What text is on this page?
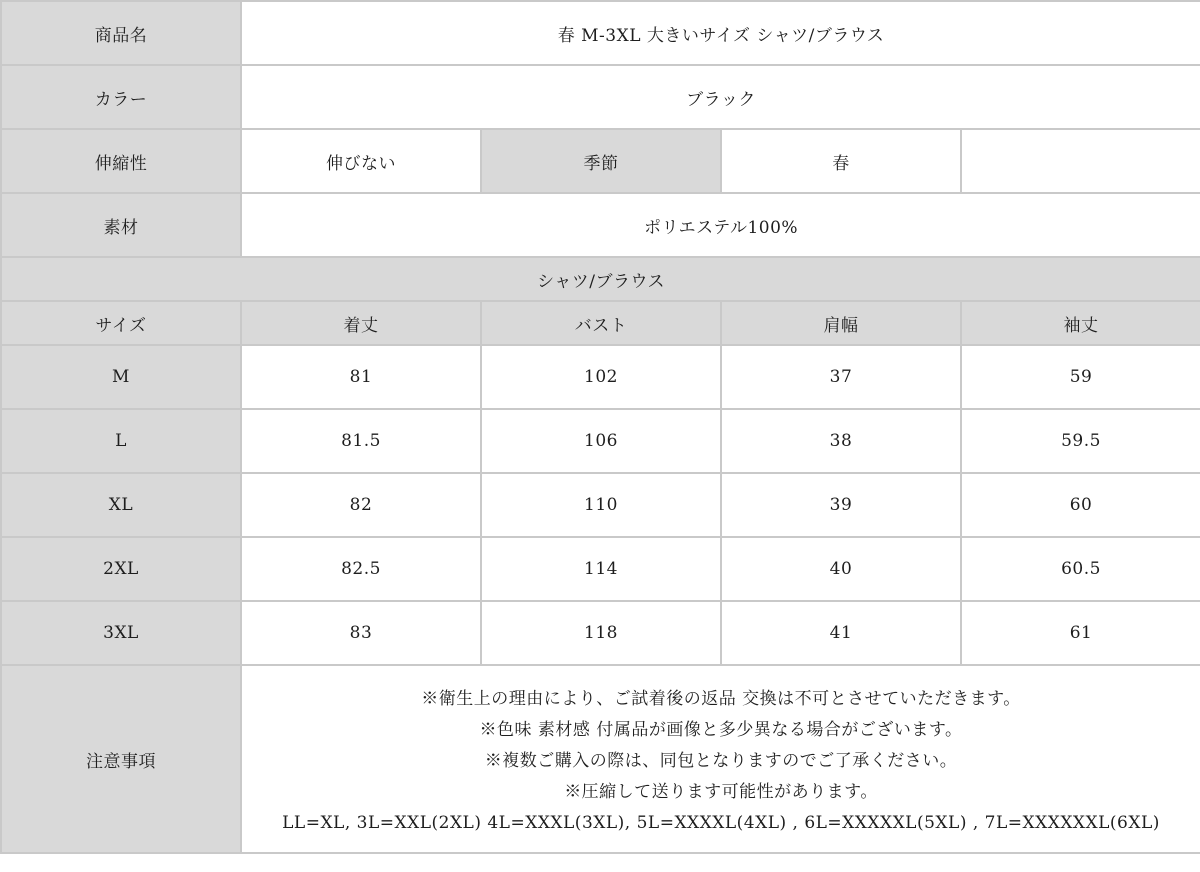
商品名	春 M-3XL 大きいサイズ シャツ/ブラウス			
カラー	ブラック			
伸縮性	伸びない	季節	春	
素材	ポリエステル100%			
シャツ/ブラウス				
サイズ	着丈	バスト	肩幅	袖丈
M	81	102	37	59
L	81.5	106	38	59.5
XL	82	110	39	60
2XL	82.5	114	40	60.5
3XL	83	118	41	61
注意事項	※衛生上の理由により、ご試着後の返品 交換は不可とさせていただきます。
※色味 素材感 付属品が画像と多少異なる場合がございます。
※複数ご購入の際は、同包となりますのでご了承ください。
※圧縮して送ります可能性があります。
LL=XL, 3L=XXL(2XL) 4L=XXXL(3XL), 5L=XXXXL(4XL) , 6L=XXXXXL(5XL) , 7L=XXXXXXL(6XL)			
